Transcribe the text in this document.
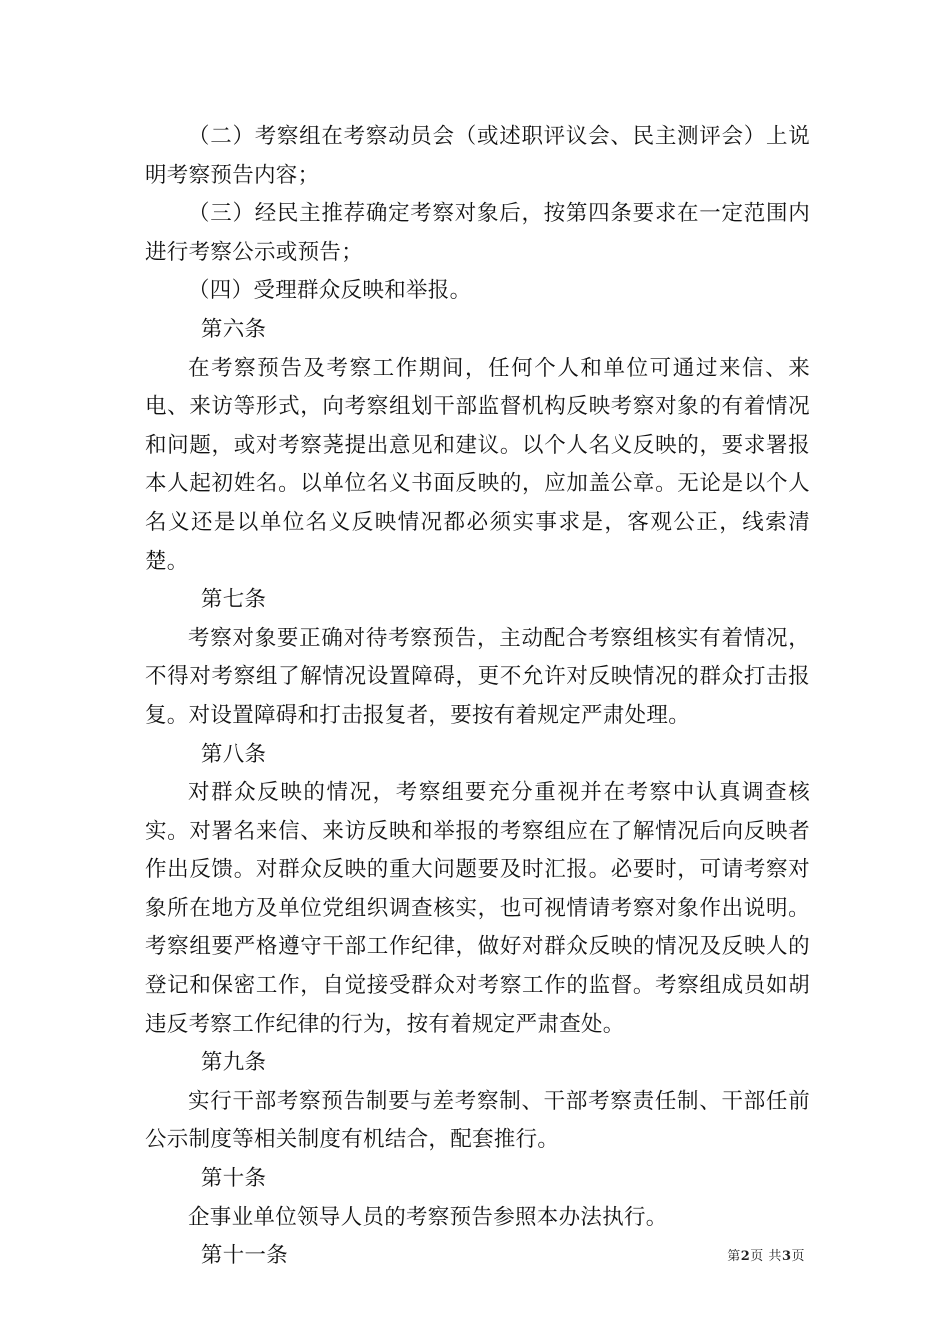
（二）考察组在考察动员会（或述职评议会、民主测评会）上说明考察预告内容；

（三）经民主推荐确定考察对象后，按第四条要求在一定范围内进行考察公示或预告；

（四）受理群众反映和举报。

第六条

在考察预告及考察工作期间，任何个人和单位可通过来信、来电、来访等形式，向考察组划干部监督机构反映考察对象的有着情况和问题，或对考察荛提出意见和建议。以个人名义反映的，要求署报本人起初姓名。以单位名义书面反映的，应加盖公章。无论是以个人名义还是以单位名义反映情况都必须实事求是，客观公正，线索清楚。

第七条

考察对象要正确对待考察预告，主动配合考察组核实有着情况，不得对考察组了解情况设置障碍，更不允许对反映情况的群众打击报复。对设置障碍和打击报复者，要按有着规定严肃处理。

第八条

对群众反映的情况，考察组要充分重视并在考察中认真调查核实。对署名来信、来访反映和举报的考察组应在了解情况后向反映者作出反馈。对群众反映的重大问题要及时汇报。必要时，可请考察对象所在地方及单位党组织调查核实，也可视情请考察对象作出说明。考察组要严格遵守干部工作纪律，做好对群众反映的情况及反映人的登记和保密工作，自觉接受群众对考察工作的监督。考察组成员如胡违反考察工作纪律的行为，按有着规定严肃查处。

第九条

实行干部考察预告制要与差考察制、干部考察责任制、干部任前公示制度等相关制度有机结合，配套推行。

第十条

企事业单位领导人员的考察预告参照本办法执行。

第十一条	第2页 共3页
